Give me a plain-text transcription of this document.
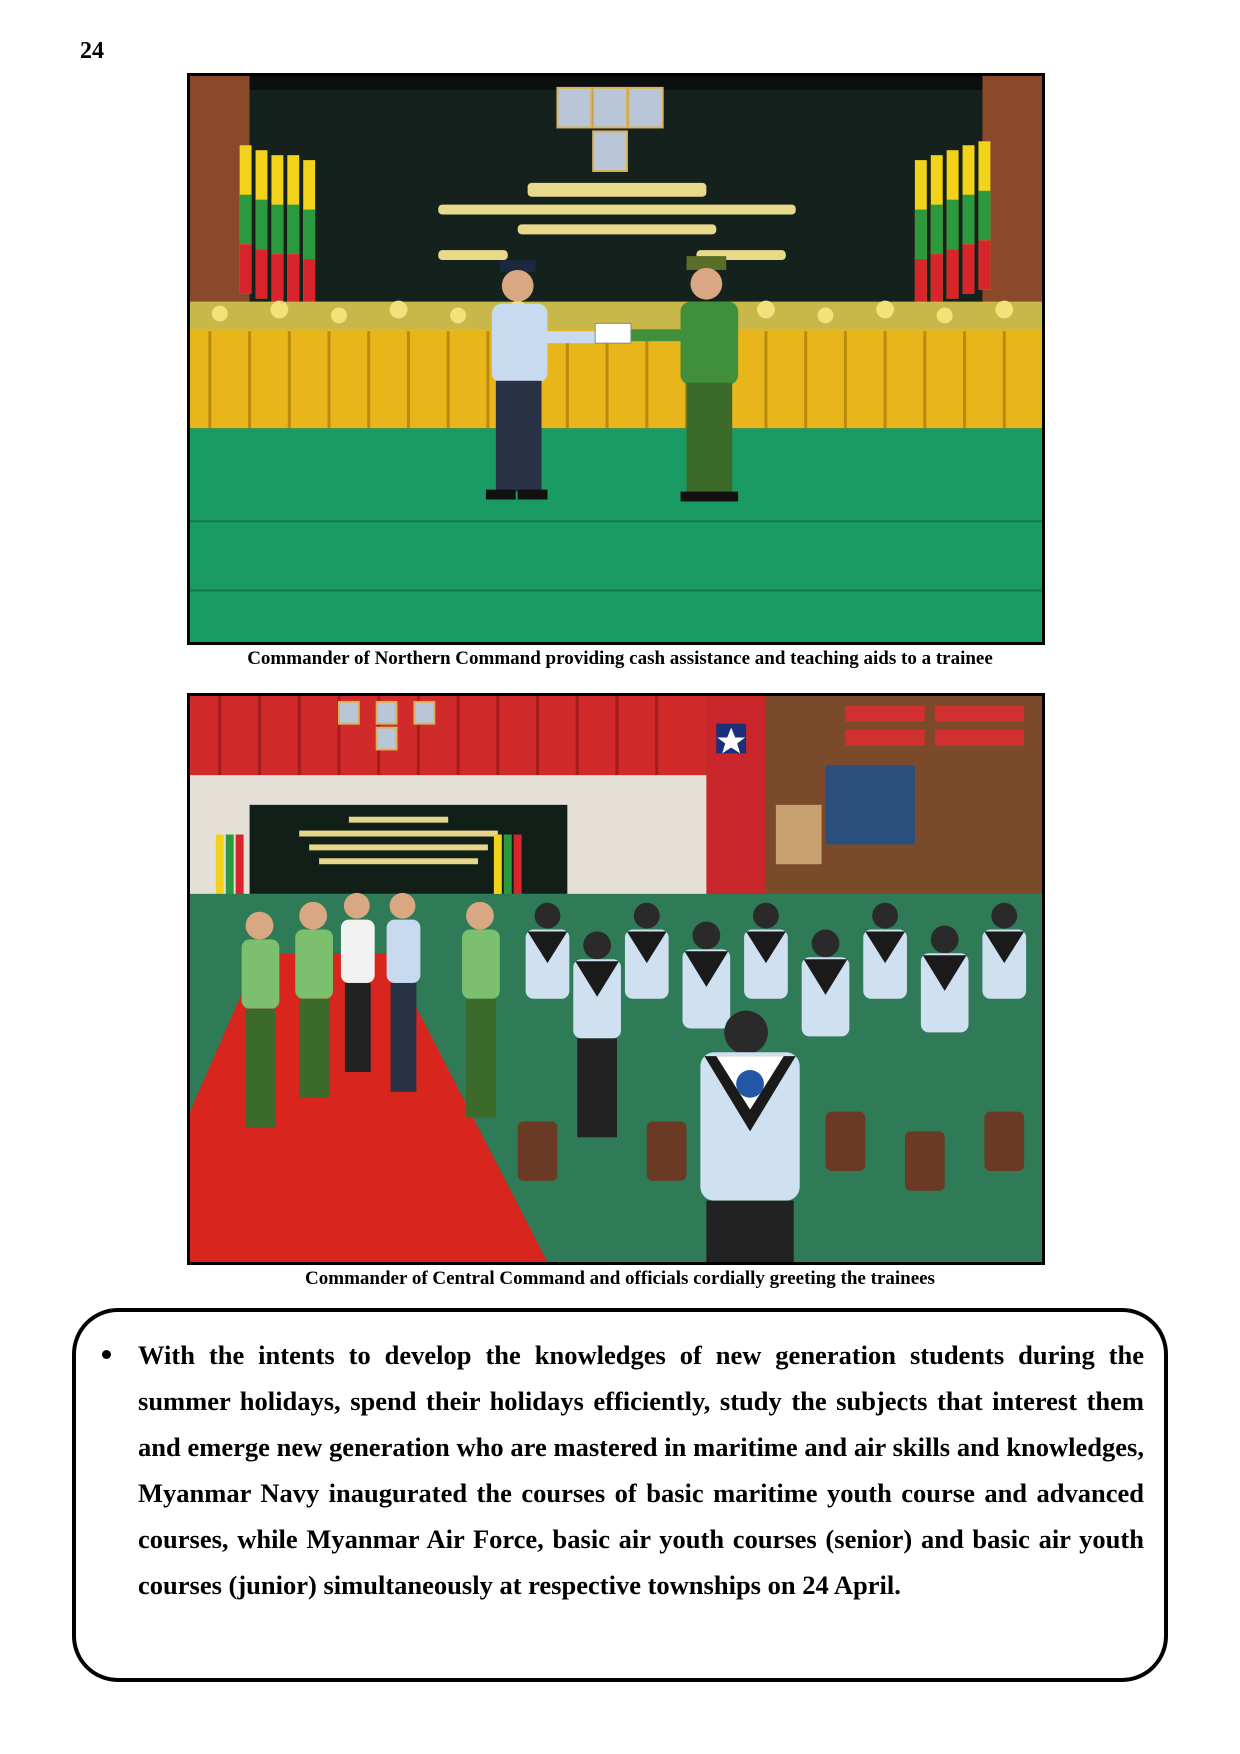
24
Commander of Northern Command providing cash assistance and teaching aids to a trainee
Commander of Central Command and officials cordially greeting the trainees
With the intents to develop the knowledges of new generation students during the summer holidays, spend their holidays efficiently, study the subjects that interest them and emerge new generation who are mastered in maritime and air skills and knowledges, Myanmar Navy inaugurated the courses of basic maritime youth course and advanced courses, while Myanmar Air Force, basic air youth courses (senior) and basic air youth courses (junior) simultaneously at respective townships on 24 April.
